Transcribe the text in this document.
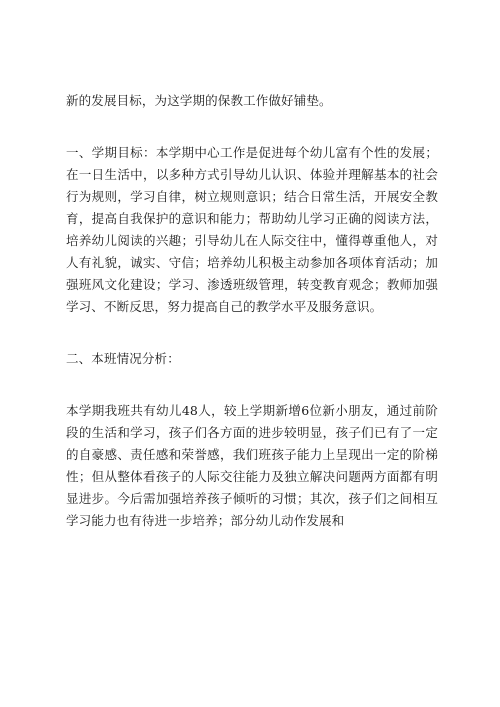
新的发展目标，为这学期的保教工作做好铺垫。

一、学期目标：本学期中心工作是促进每个幼儿富有个性的发展；在一日生活中，以多种方式引导幼儿认识、体验并理解基本的社会行为规则，学习自律，树立规则意识；结合日常生活，开展安全教育，提高自我保护的意识和能力；帮助幼儿学习正确的阅读方法，培养幼儿阅读的兴趣；引导幼儿在人际交往中，懂得尊重他人，对人有礼貌，诚实、守信；培养幼儿积极主动参加各项体育活动；加强班风文化建设；学习、渗透班级管理，转变教育观念；教师加强学习、不断反思，努力提高自己的教学水平及服务意识。

二、本班情况分析：

本学期我班共有幼儿48人，较上学期新增6位新小朋友，通过前阶段的生活和学习，孩子们各方面的进步较明显，孩子们已有了一定的自豪感、责任感和荣誉感，我们班孩子能力上呈现出一定的阶梯性；但从整体看孩子的人际交往能力及独立解决问题两方面都有明显进步。今后需加强培养孩子倾听的习惯；其次，孩子们之间相互学习能力也有待进一步培养；部分幼儿动作发展和
